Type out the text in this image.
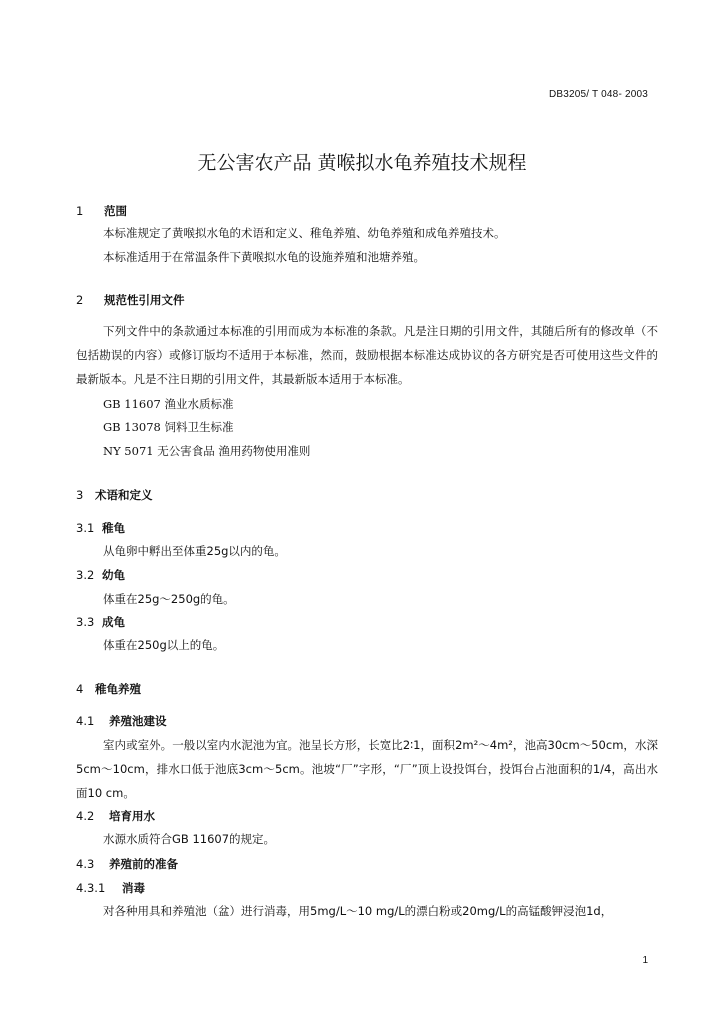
DB3205/ T 048- 2003
无公害农产品 黄喉拟水龟养殖技术规程
1 范围
本标准规定了黄喉拟水龟的术语和定义、稚龟养殖、幼龟养殖和成龟养殖技术。
本标准适用于在常温条件下黄喉拟水龟的设施养殖和池塘养殖。
2 规范性引用文件
下列文件中的条款通过本标准的引用而成为本标准的条款。凡是注日期的引用文件，其随后所有的修改单（不包括勘误的内容）或修订版均不适用于本标准，然而，鼓励根据本标准达成协议的各方研究是否可使用这些文件的最新版本。凡是不注日期的引用文件，其最新版本适用于本标准。
GB 11607 渔业水质标准
GB 13078 饲料卫生标准
NY 5071 无公害食品 渔用药物使用准则
3 术语和定义
3.1 稚龟
从龟卵中孵出至体重25g以内的龟。
3.2 幼龟
体重在25g～250g的龟。
3.3 成龟
体重在250g以上的龟。
4 稚龟养殖
4.1 养殖池建设
室内或室外。一般以室内水泥池为宜。池呈长方形，长宽比2∶1，面积2m²～4m²，池高30cm～50cm，水深5cm～10cm，排水口低于池底3cm～5cm。池坡“厂”字形，“厂”顶上设投饵台，投饵台占池面积的1/4，高出水面10 cm。
4.2 培育用水
水源水质符合GB 11607的规定。
4.3 养殖前的准备
4.3.1 消毒
对各种用具和养殖池（盆）进行消毒，用5mg/L～10 mg/L的漂白粉或20mg/L的高锰酸钾浸泡1d，
1
